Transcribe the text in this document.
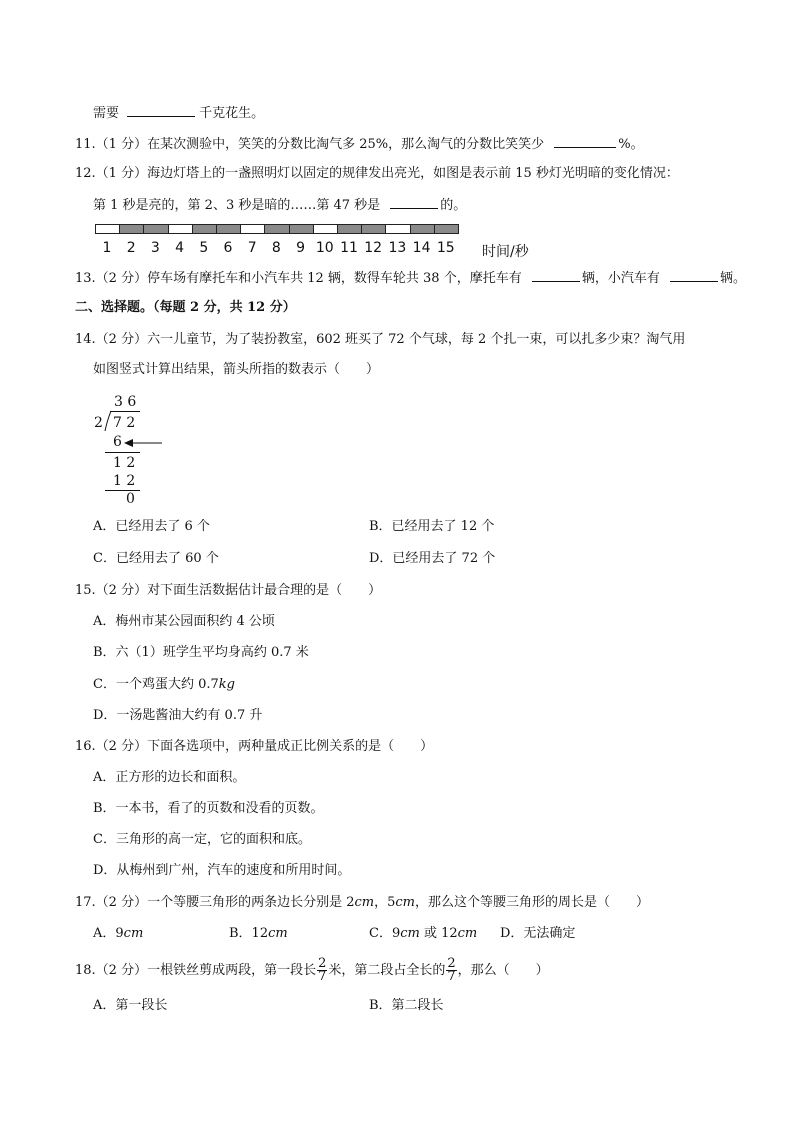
需要	千克花生。
11.（1 分）在某次测验中，笑笑的分数比淘气多 25%，那么淘气的分数比笑笑少	%。
12.（1 分）海边灯塔上的一盏照明灯以固定的规律发出亮光，如图是表示前 15 秒灯光明暗的变化情况：
第 1 秒是亮的，第 2、3 秒是暗的……第 47 秒是	的。
1	2	3	4	5	6	7	8	9 10 11 12 13 14 15 时间/秒
13.（2 分）停车场有摩托车和小汽车共 12 辆，数得车轮共 38 个，摩托车有	辆，小汽车有	辆。
二、选择题。（每题 2 分，共 12 分）
14.（2 分）六一儿童节，为了装扮教室，602 班买了 72 个气球，每 2 个扎一束，可以扎多少束？淘气用
如图竖式计算出结果，箭头所指的数表示（　　）
3 6
2 7 2
6
1 2
1 2
0
A．已经用去了 6 个	B．已经用去了 12 个
C．已经用去了 60 个	D．已经用去了 72 个
15.（2 分）对下面生活数据估计最合理的是（　　）
A．梅州市某公园面积约 4 公顷
B．六（1）班学生平均身高约 0.7 米
C．一个鸡蛋大约 0.7kg
D．一汤匙酱油大约有 0.7 升
16.（2 分）下面各选项中，两种量成正比例关系的是（　　）
A．正方形的边长和面积。
B．一本书，看了的页数和没看的页数。
C．三角形的高一定，它的面积和底。
D．从梅州到广州，汽车的速度和所用时间。
17.（2 分）一个等腰三角形的两条边长分别是 2cm，5cm，那么这个等腰三角形的周长是（　　）
A．9cm	B．12cm	C．9cm 或 12cm D．无法确定
18.（2 分）一根铁丝剪成两段，第一段长 $\frac{2}{7}$ 米，第二段占全长的 $\frac{2}{7}$ ，那么（　　）
A．第一段长	B．第二段长
